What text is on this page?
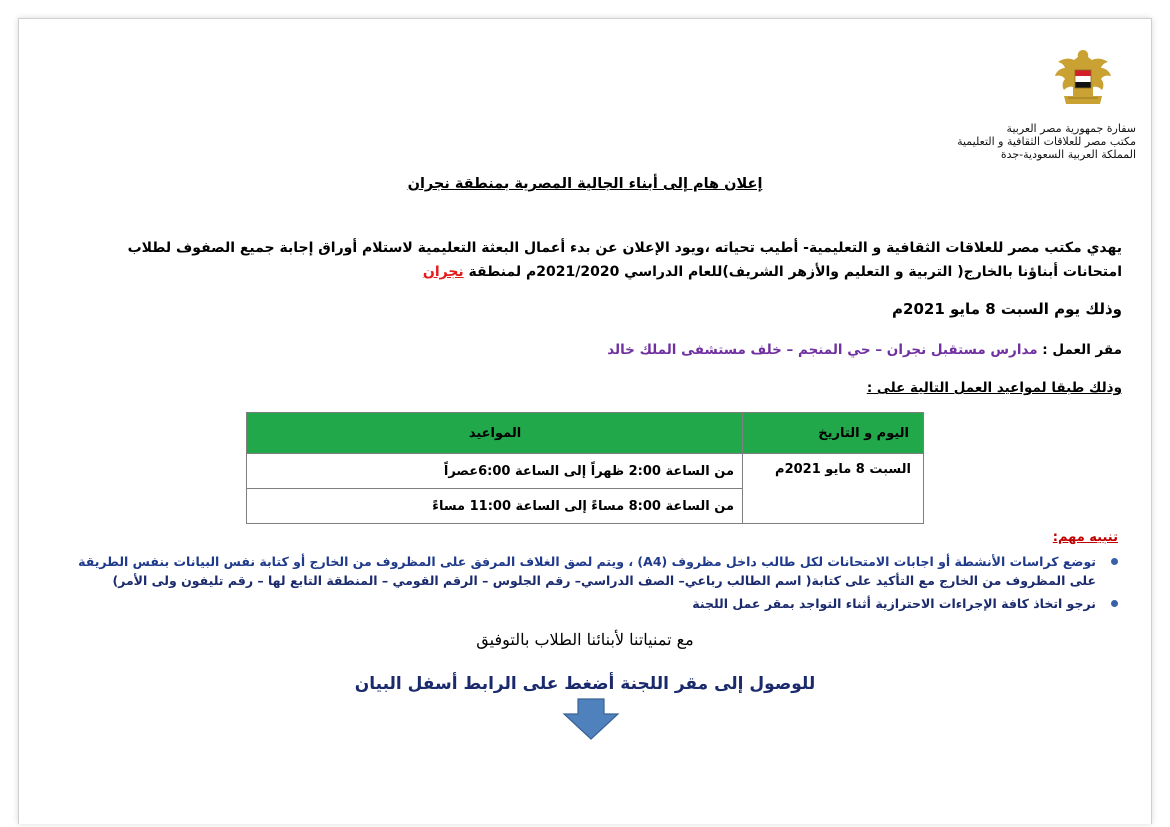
سفارة جمهورية مصر العربية
مكتب مصر للعلاقات الثقافية و التعليمية
المملكة العربية السعودية-جدة
إعلان هام إلى أبناء الجالية المصرية بمنطقة نجران
يهدي مكتب مصر للعلاقات الثقافية و التعليمية- أطيب تحياته ،ويود الإعلان عن بدء أعمال البعثة التعليمية لاستلام أوراق إجابة جميع الصفوف لطلاب
امتحانات أبناؤنا بالخارج( التربية و التعليم والأزهر الشريف)للعام الدراسي 2021/2020م لمنطقة نجران
وذلك يوم السبت 8 مايو 2021م
مقر العمل : مدارس مستقبل نجران – حي المنجم – خلف مستشفى الملك خالد
وذلك طبقا لمواعيد العمل التالية على :
اليوم و التاريخ	المواعيد
السبت 8 مايو 2021م	من الساعة 2:00 ظهراً إلى الساعة 6:00عصراً
	من الساعة 8:00 مساءً إلى الساعة 11:00 مساءً
تنبيه مهم:
توضع كراسات الأنشطة أو اجابات الامتحانات لكل طالب داخل مظروف (A4) ، ويتم لصق الغلاف المرفق على المظروف من الخارج أو كتابة نفس البيانات بنفس الطريقة
على المظروف من الخارج مع التأكيد على كتابة( اسم الطالب رباعي– الصف الدراسي– رقم الجلوس – الرقم القومي – المنطقة التابع لها – رقم تليفون ولى الأمر)
نرجو اتخاذ كافة الإجراءات الاحترازية أثناء التواجد بمقر عمل اللجنة
مع تمنياتنا لأبنائنا الطلاب بالتوفيق
للوصول إلى مقر اللجنة أضغط على الرابط أسفل البيان
